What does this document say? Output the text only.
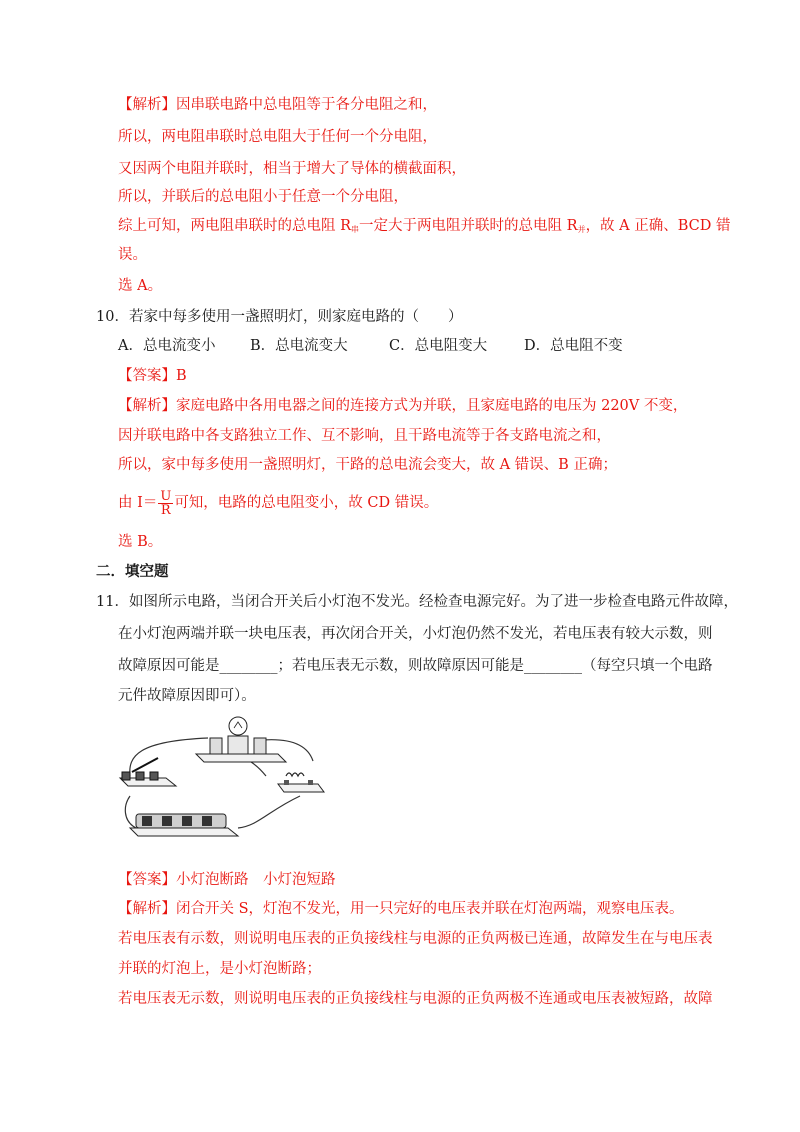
【解析】因串联电路中总电阻等于各分电阻之和，
所以，两电阻串联时总电阻大于任何一个分电阻，
又因两个电阻并联时，相当于增大了导体的横截面积，
所以，并联后的总电阻小于任意一个分电阻，
综上可知，两电阻串联时的总电阻 $R_串$一定大于两电阻并联时的总电阻 $R_并$，故 A 正确、BCD 错
误。
选 A。
10．若家中每多使用一盏照明灯，则家庭电路的（　　）
A．总电流变小 B．总电流变大	C．总电阻变大	D．总电阻不变
【答案】B
【解析】家庭电路中各用电器之间的连接方式为并联，且家庭电路的电压为 220V 不变，
因并联电路中各支路独立工作、互不影响，且干路电流等于各支路电流之和，
所以，家中每多使用一盏照明灯，干路的总电流会变大，故 A 错误、B 正确；
由 $I= \frac{U}{R}$ 可知，电路的总电阻变小，故 CD 错误。
选 B。
二．填空题
11．如图所示电路，当闭合开关后小灯泡不发光。经检查电源完好。为了进一步检查电路元件故障，
在小灯泡两端并联一块电压表，再次闭合开关，小灯泡仍然不发光，若电压表有较大示数，则
故障原因可能是________；若电压表无示数，则故障原因可能是________（每空只填一个电路
元件故障原因即可）。
【答案】小灯泡断路　小灯泡短路
【解析】闭合开关 S，灯泡不发光，用一只完好的电压表并联在灯泡两端，观察电压表。
若电压表有示数，则说明电压表的正负接线柱与电源的正负两极已连通，故障发生在与电压表
并联的灯泡上，是小灯泡断路；
若电压表无示数，则说明电压表的正负接线柱与电源的正负两极不连通或电压表被短路，故障
